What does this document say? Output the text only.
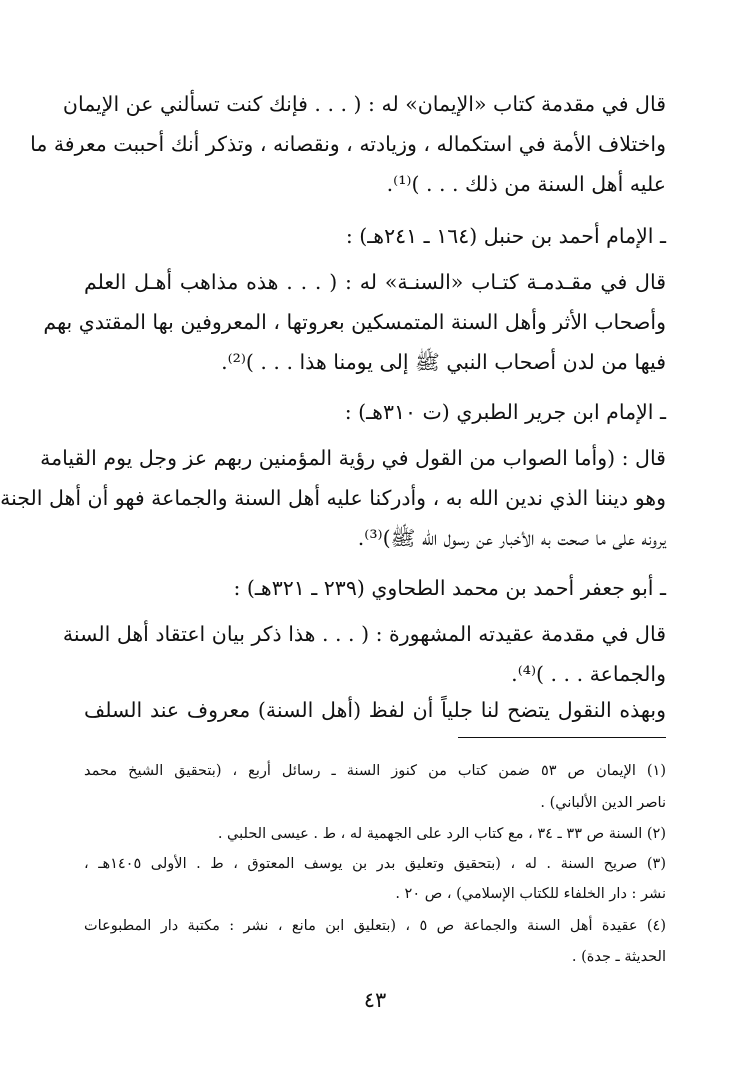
قال في مقدمة كتاب «الإيمان» له : ( . . . فإنك كنت تسألني عن الإيمان
واختلاف الأمة في استكماله ، وزيادته ، ونقصانه ، وتذكر أنك أحببت معرفة ما
عليه أهل السنة من ذلك . . . )⁽¹⁾.
ـ الإمام أحمد بن حنبل (١٦٤ ـ ٢٤١هـ) :
قال في مقـدمـة كتـاب «السنـة» له : ( . . . هذه مذاهب أهـل العلم
وأصحاب الأثر وأهل السنة المتمسكين بعروتها ، المعروفين بها المقتدي بهم
فيها من لدن أصحاب النبي ﷺ إلى يومنا هذا . . . )⁽²⁾.
ـ الإمام ابن جرير الطبري (ت ٣١٠هـ) :
قال : (وأما الصواب من القول في رؤية المؤمنين ربهم عز وجل يوم القيامة
وهو ديننا الذي ندين الله به ، وأدركنا عليه أهل السنة والجماعة فهو أن أهل الجنة
يرونه على ما صحت به الأخبار عن رسول الله ﷺ)⁽³⁾.
ـ أبو جعفر أحمد بن محمد الطحاوي (٢٣٩ ـ ٣٢١هـ) :
قال في مقدمة عقيدته المشهورة : ( . . . هذا ذكر بيان اعتقاد أهل السنة
والجماعة . . . )⁽⁴⁾.
وبهذه النقول يتضح لنا جلياً أن لفظ (أهل السنة) معروف عند السلف
(١) الإيمان ص ٥٣ ضمن كتاب من كنوز السنة ـ رسائل أربع ، (بتحقيق الشيخ محمد
ناصر الدين الألباني) .
(٢) السنة ص ٣٣ ـ ٣٤ ، مع كتاب الرد على الجهمية له ، ط . عيسى الحلبي .
(٣) صريح السنة . له ، (بتحقيق وتعليق بدر بن يوسف المعتوق ، ط . الأولى ١٤٠٥هـ ،
نشر : دار الخلفاء للكتاب الإسلامي) ، ص ٢٠ .
(٤) عقيدة أهل السنة والجماعة ص ٥ ، (بتعليق ابن مانع ، نشر : مكتبة دار المطبوعات
الحديثة ـ جدة) .
٤٣
